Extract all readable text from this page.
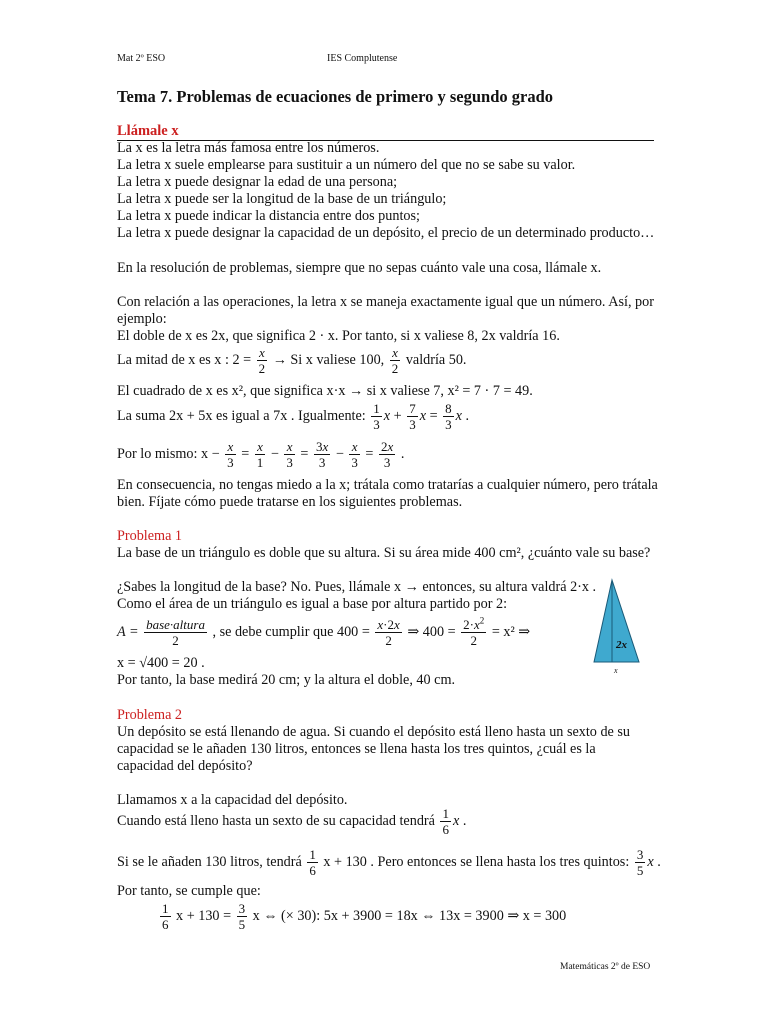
Mat 2º ESO	IES Complutense
Tema 7. Problemas de ecuaciones de primero y segundo grado
Llámale x
La x es la letra más famosa entre los números.
La letra x suele emplearse para sustituir a un número del que no se sabe su valor.
La letra x puede designar la edad de una persona;
La letra x puede ser la longitud de la base de un triángulo;
La letra x puede indicar la distancia entre dos puntos;
La letra x puede designar la capacidad de un depósito, el precio de un determinado producto…
En la resolución de problemas, siempre que no sepas cuánto vale una cosa, llámale x.
Con relación a las operaciones, la letra x se maneja exactamente igual que un número. Así, por
ejemplo:
El doble de x es 2x, que significa 2 · x. Por tanto, si x valiese 8, 2x valdría 16.
La mitad de x es x : $2 = \frac{x}{2} \to Si$ x valiese 100, $\frac{x}{2}$ valdría 50.
El cuadrado de x es x², que significa x·x → si x valiese 7, x² = 7 · 7 = 49.
La suma 2x + 5x es igual a 7x . Igualmente: $\frac{1}{3}$ $x + \frac{7}{3}$ $x = \frac{8}{3}$ x .
Por lo mismo: $x - \frac{x}{3} = \frac{x}{1} - \frac{x}{3} = \frac{3x}{3} - \frac{x}{3} = \frac{2x}{3}$ .
En consecuencia, no tengas miedo a la x; trátala como tratarías a cualquier número, pero trátala
bien. Fíjate cómo puede tratarse en los siguientes problemas.
Problema 1
La base de un triángulo es doble que su altura. Si su área mide 400 cm², ¿cuánto vale su base?
¿Sabes la longitud de la base? No. Pues, llámale x → entonces, su altura valdrá 2·x .
Como el área de un triángulo es igual a base por altura partido por 2:
$A = \frac{\text{base·altura}}{2}$ , se debe cumplir que $400 = \frac{x\cdot 2x}{2}$ ⇒ $400 = \frac{2\cdot x^2}{2} = x^2$ ⇒
x = √400 = 20 .
Por tanto, la base medirá 20 cm; y la altura el doble, 40 cm.
2x
x
Problema 2
Un depósito se está llenando de agua. Si cuando el depósito está lleno hasta un sexto de su
capacidad se le añaden 130 litros, entonces se llena hasta los tres quintos, ¿cuál es la
capacidad del depósito?
Llamamos x a la capacidad del depósito.
Cuando está lleno hasta un sexto de su capacidad tendrá $\frac{1}{6}$ x .
Si se le añaden 130 litros, tendrá $\frac{1}{6}$ x + 130 . Pero entonces se llena hasta los tres quintos: $\frac{3}{5}$ x .
Por tanto, se cumple que:
$\frac{1}{6}$ $x + 130 = \frac{3}{5}$ x ⇔ (× 30): 5x + 3900 = 18x ⇔ 13x = 3900 ⇒ x = 300
Matemáticas 2º de ESO
